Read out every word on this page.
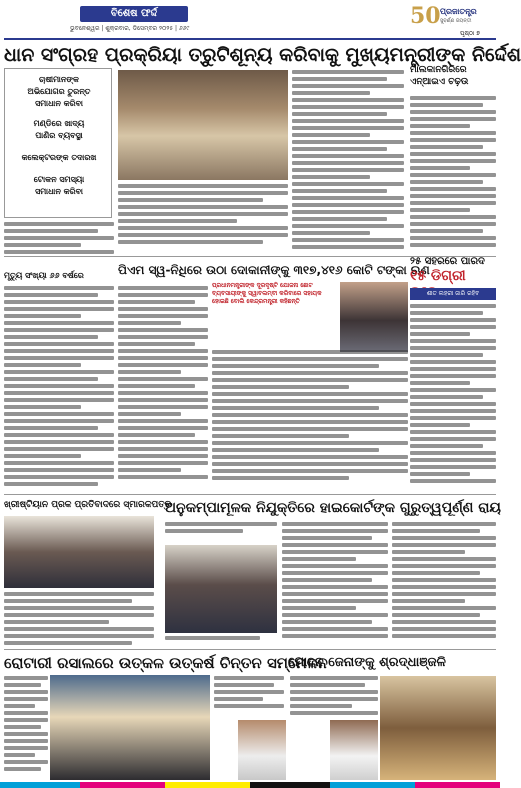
ବିଶେଷ ଫର୍ଦ୍ଦ
ଭୁବନେଶ୍ୱର | ଶୁକ୍ରବାର, ଡିସେମ୍ବର ୨୦୨୫ | ୬୬୯	50 ପ୍ରଜାତନ୍ତ୍ର
ସୁବର୍ଣ୍ଣ ଜୟନ୍ତୀ
ପୃଷ୍ଠା ୭
ଧାନ ସଂଗ୍ରହ ପ୍ରକ୍ରିୟା ତ୍ରୁଟିଶୂନ୍ୟ କରିବାକୁ ମୁଖ୍ୟମନ୍ତ୍ରୀଙ୍କ ନିର୍ଦ୍ଦେଶ
ମାଲକାନଗିରିରେ ଏନ୍‌ଆଇଏ ଚଢ଼ଉ
ଚାଷୀମାନଙ୍କ
ଅଭିଯୋଗର ତୁରନ୍ତ
ସମାଧାନ କରିବା
ମଣ୍ଡିରେ ଖାଦ୍ୟ
ପାଣିର ବ୍ୟବସ୍ଥା
କଲେକ୍ଟରଙ୍କ ତଦାରଖ
ଟୋକନ ସମସ୍ୟା
ସମାଧାନ କରିବା
ପିଏମ ସ୍ୱ-ନିଧିରେ ଉଠା ଦୋକାନୀଙ୍କୁ ୩୧୭,୪୧୬ କୋଟି ଟଙ୍କା ଋଣ
ମୃତ୍ୟୁ ସଂଖ୍ୟା ୬୬ ବର୍ଷରେ
୨୫ ସହରରେ ପାରଦ
୧୫ ଡିଗ୍ରୀ
ଶୀତ ଲହରୀ ଜାରି ରହିବ
ପ୍ରଧାନମନ୍ତ୍ରୀଙ୍କ ଦୂରଦୃଷ୍ଟି ଯୋଜନା ଛୋଟ ବ୍ୟବସାୟୀଙ୍କୁ ସ୍ୱାବଲମ୍ବୀ କରିବାରେ ସହାୟକ ହୋଇଛି ବୋଲି କେନ୍ଦ୍ରମନ୍ତ୍ରୀ କହିଛନ୍ତି
ଖ୍ରୀଷ୍ଟିୟାନ ପ୍ରକ ପ୍ରତିବାଦରେ ସ୍ମାରକପତ୍ର
ଅନୁକମ୍ପାମୂଳକ ନିଯୁକ୍ତିରେ ହାଇକୋର୍ଟଙ୍କ ଗୁରୁତ୍ୱପୂର୍ଣ୍ଣ ରାୟ
ରୋଟାରୀ ରସାଲରେ ଉତ୍କଳ ଉତ୍କର୍ଷ ଚିନ୍ତନ ସମ୍ମେଳନ
ମୋହନ ଜେନାଙ୍କୁ ଶ୍ରଦ୍ଧାଞ୍ଜଳି
